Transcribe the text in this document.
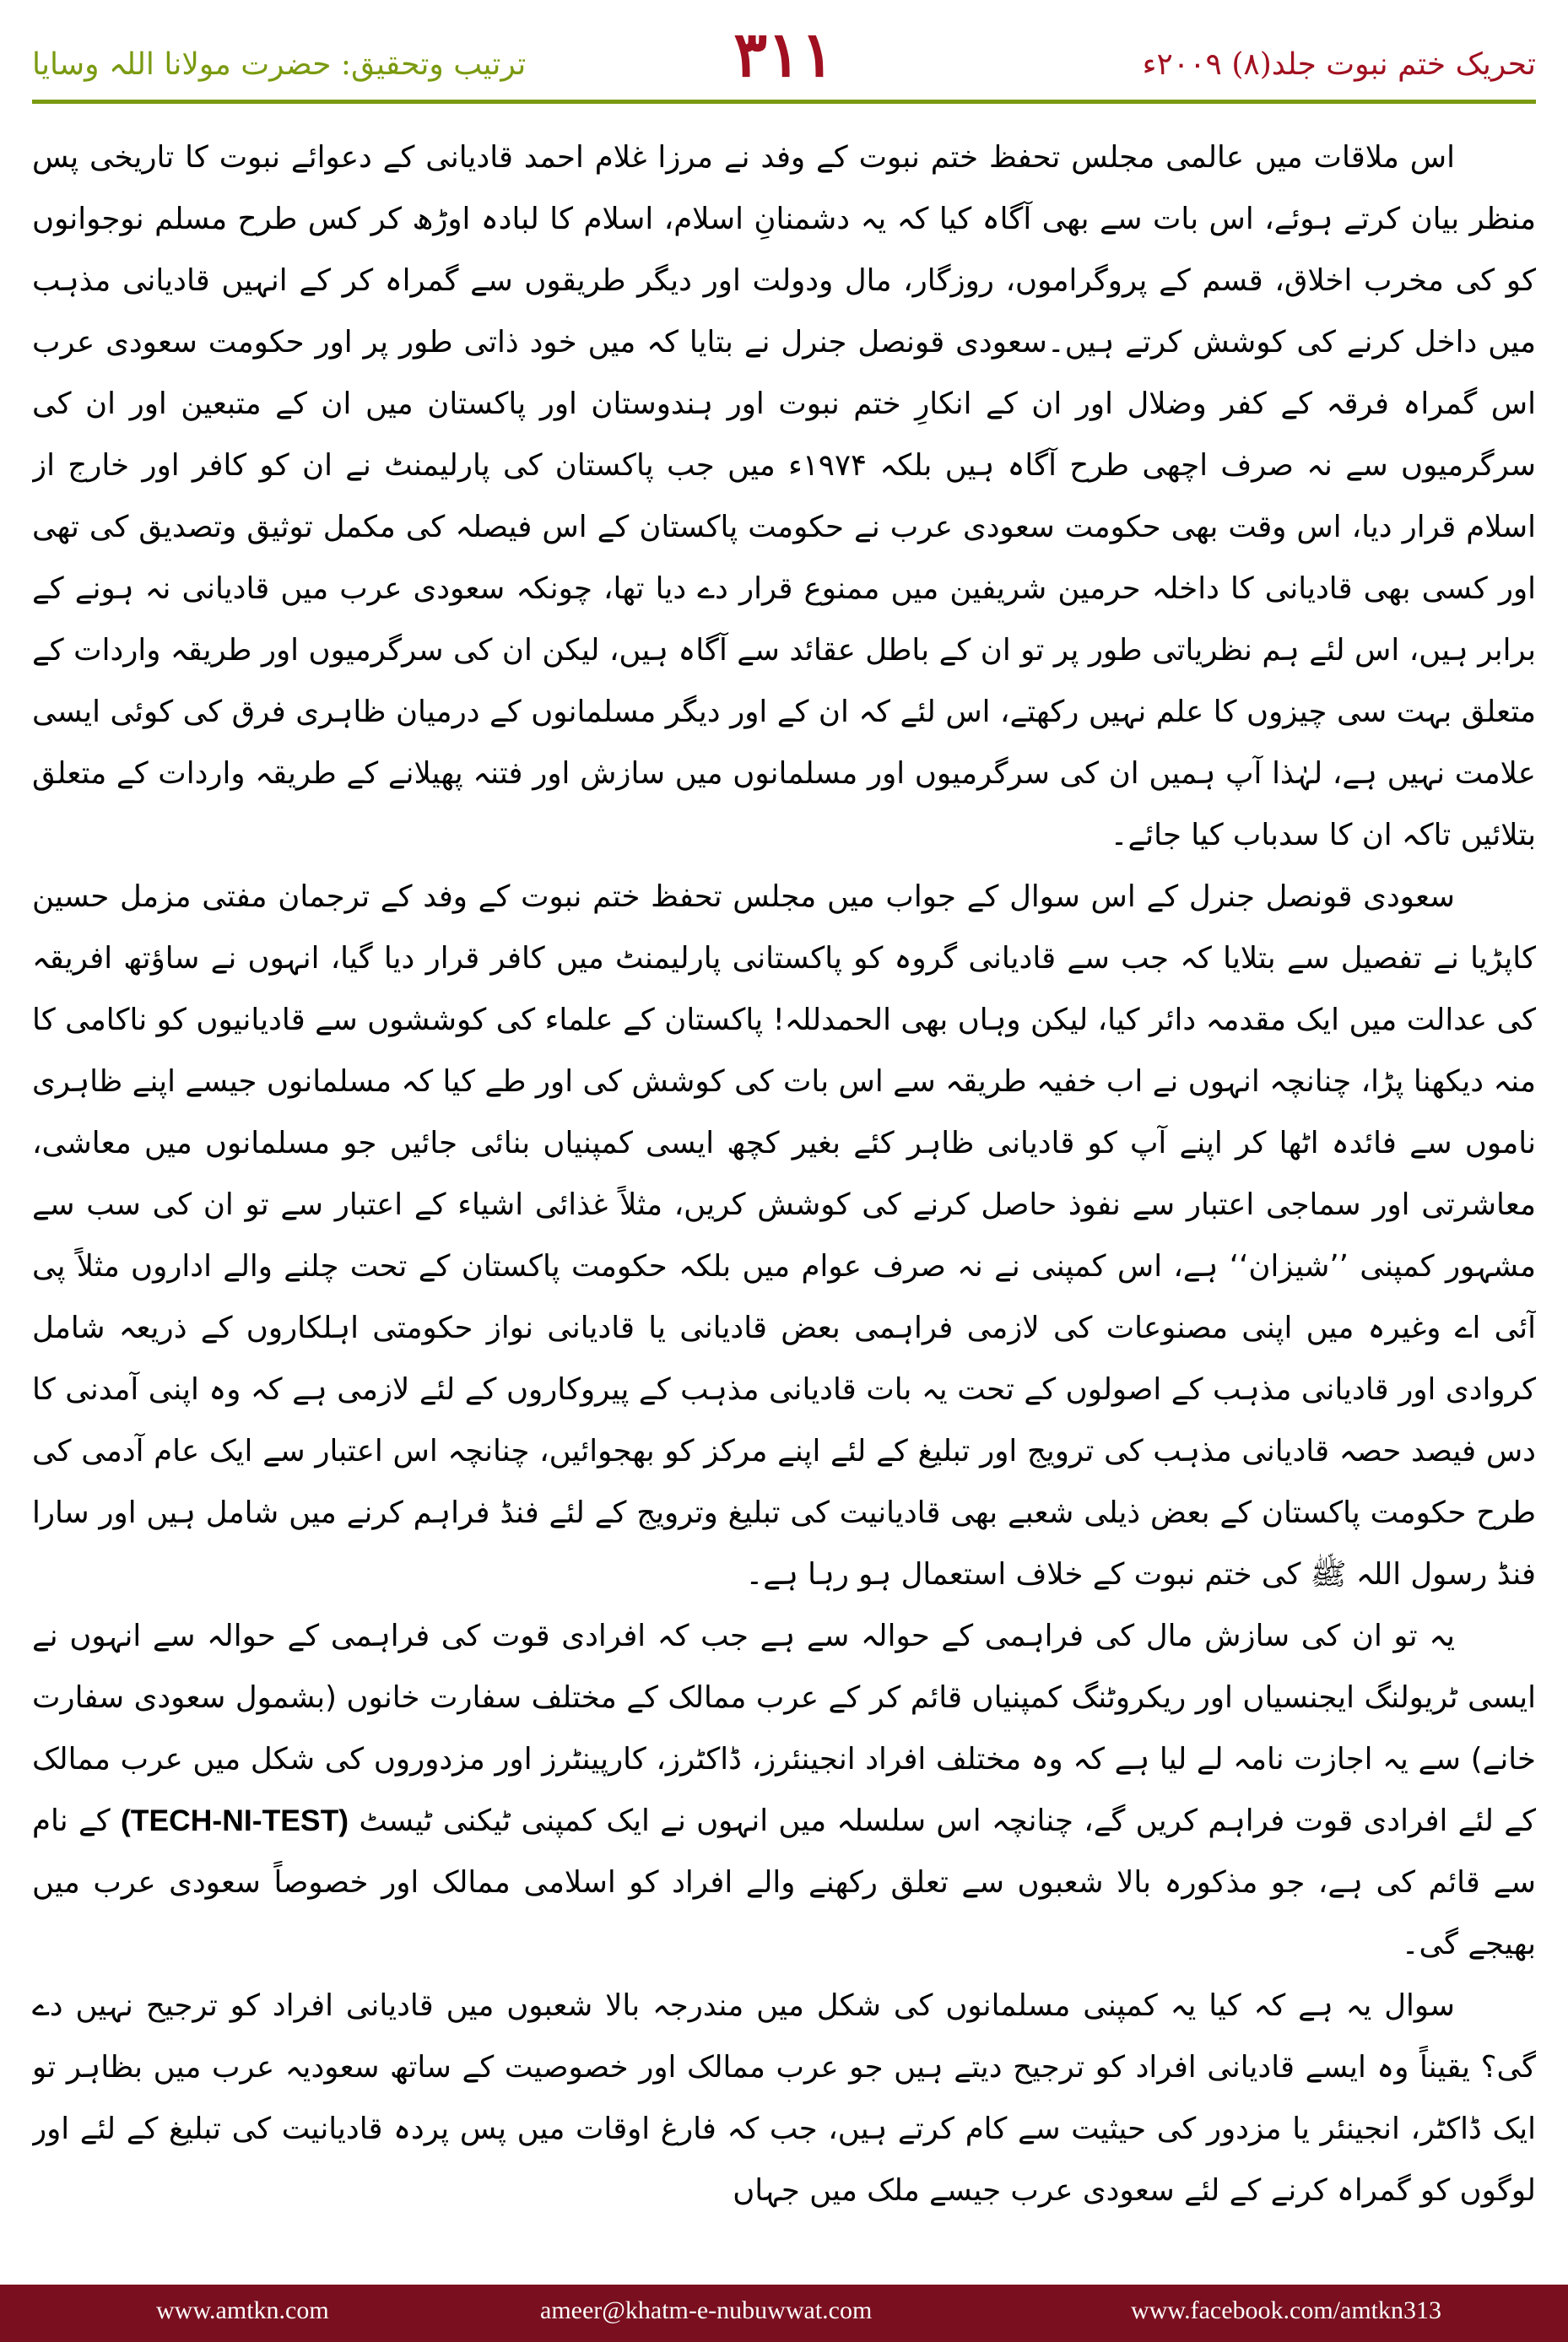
ترتیب وتحقیق: حضرت مولانا اللہ وسایا	۳۱۱	تحریک ختم نبوت جلد(۸) ۲۰۰۹ء

اس ملاقات میں عالمی مجلس تحفظ ختم نبوت کے وفد نے مرزا غلام احمد قادیانی کے دعوائے نبوت کا تاریخی پس منظر بیان کرتے ہوئے، اس بات سے بھی آگاہ کیا کہ یہ دشمنانِ اسلام، اسلام کا لبادہ اوڑھ کر کس طرح مسلم نوجوانوں کو کی مخرب اخلاق، قسم کے پروگراموں، روزگار، مال ودولت اور دیگر طریقوں سے گمراہ کر کے انہیں قادیانی مذہب میں داخل کرنے کی کوشش کرتے ہیں۔سعودی قونصل جنرل نے بتایا کہ میں خود ذاتی طور پر اور حکومت سعودی عرب اس گمراہ فرقہ کے کفر وضلال اور ان کے انکارِ ختم نبوت اور ہندوستان اور پاکستان میں ان کے متبعین اور ان کی سرگرمیوں سے نہ صرف اچھی طرح آگاہ ہیں بلکہ ۱۹۷۴ء میں جب پاکستان کی پارلیمنٹ نے ان کو کافر اور خارج از اسلام قرار دیا، اس وقت بھی حکومت سعودی عرب نے حکومت پاکستان کے اس فیصلہ کی مکمل توثیق وتصدیق کی تھی اور کسی بھی قادیانی کا داخلہ حرمین شریفین میں ممنوع قرار دے دیا تھا، چونکہ سعودی عرب میں قادیانی نہ ہونے کے برابر ہیں، اس لئے ہم نظریاتی طور پر تو ان کے باطل عقائد سے آگاہ ہیں، لیکن ان کی سرگرمیوں اور طریقہ واردات کے متعلق بہت سی چیزوں کا علم نہیں رکھتے، اس لئے کہ ان کے اور دیگر مسلمانوں کے درمیان ظاہری فرق کی کوئی ایسی علامت نہیں ہے، لہٰذا آپ ہمیں ان کی سرگرمیوں اور مسلمانوں میں سازش اور فتنہ پھیلانے کے طریقہ واردات کے متعلق بتلائیں تاکہ ان کا سدباب کیا جائے۔

سعودی قونصل جنرل کے اس سوال کے جواب میں مجلس تحفظ ختم نبوت کے وفد کے ترجمان مفتی مزمل حسین کاپڑیا نے تفصیل سے بتلایا کہ جب سے قادیانی گروہ کو پاکستانی پارلیمنٹ میں کافر قرار دیا گیا، انہوں نے ساؤتھ افریقہ کی عدالت میں ایک مقدمہ دائر کیا، لیکن وہاں بھی الحمدللہ! پاکستان کے علماء کی کوششوں سے قادیانیوں کو ناکامی کا منہ دیکھنا پڑا، چنانچہ انہوں نے اب خفیہ طریقہ سے اس بات کی کوشش کی اور طے کیا کہ مسلمانوں جیسے اپنے ظاہری ناموں سے فائدہ اٹھا کر اپنے آپ کو قادیانی ظاہر کئے بغیر کچھ ایسی کمپنیاں بنائی جائیں جو مسلمانوں میں معاشی، معاشرتی اور سماجی اعتبار سے نفوذ حاصل کرنے کی کوشش کریں، مثلاً غذائی اشیاء کے اعتبار سے تو ان کی سب سے مشہور کمپنی ’’شیزان‘‘ ہے، اس کمپنی نے نہ صرف عوام میں بلکہ حکومت پاکستان کے تحت چلنے والے اداروں مثلاً پی آئی اے وغیرہ میں اپنی مصنوعات کی لازمی فراہمی بعض قادیانی یا قادیانی نواز حکومتی اہلکاروں کے ذریعہ شامل کروادی اور قادیانی مذہب کے اصولوں کے تحت یہ بات قادیانی مذہب کے پیروکاروں کے لئے لازمی ہے کہ وہ اپنی آمدنی کا دس فیصد حصہ قادیانی مذہب کی ترویج اور تبلیغ کے لئے اپنے مرکز کو بھجوائیں، چنانچہ اس اعتبار سے ایک عام آدمی کی طرح حکومت پاکستان کے بعض ذیلی شعبے بھی قادیانیت کی تبلیغ وترویج کے لئے فنڈ فراہم کرنے میں شامل ہیں اور سارا فنڈ رسول اللہ ﷺ کی ختم نبوت کے خلاف استعمال ہو رہا ہے۔

یہ تو ان کی سازش مال کی فراہمی کے حوالہ سے ہے جب کہ افرادی قوت کی فراہمی کے حوالہ سے انہوں نے ایسی ٹریولنگ ایجنسیاں اور ریکروٹنگ کمپنیاں قائم کر کے عرب ممالک کے مختلف سفارت خانوں (بشمول سعودی سفارت خانے) سے یہ اجازت نامہ لے لیا ہے کہ وہ مختلف افراد انجینئرز، ڈاکٹرز، کارپینٹرز اور مزدوروں کی شکل میں عرب ممالک کے لئے افرادی قوت فراہم کریں گے، چنانچہ اس سلسلہ میں انہوں نے ایک کمپنی ٹیکنی ٹیسٹ (TECH-NI-TEST) کے نام سے قائم کی ہے، جو مذکورہ بالا شعبوں سے تعلق رکھنے والے افراد کو اسلامی ممالک اور خصوصاً سعودی عرب میں بھیجے گی۔

سوال یہ ہے کہ کیا یہ کمپنی مسلمانوں کی شکل میں مندرجہ بالا شعبوں میں قادیانی افراد کو ترجیح نہیں دے گی؟ یقیناً وہ ایسے قادیانی افراد کو ترجیح دیتے ہیں جو عرب ممالک اور خصوصیت کے ساتھ سعودیہ عرب میں بظاہر تو ایک ڈاکٹر، انجینئر یا مزدور کی حیثیت سے کام کرتے ہیں، جب کہ فارغ اوقات میں پس پردہ قادیانیت کی تبلیغ کے لئے اور لوگوں کو گمراہ کرنے کے لئے سعودی عرب جیسے ملک میں جہاں

www.amtkn.com	ameer@khatm-e-nubuwwat.com	www.facebook.com/amtkn313
